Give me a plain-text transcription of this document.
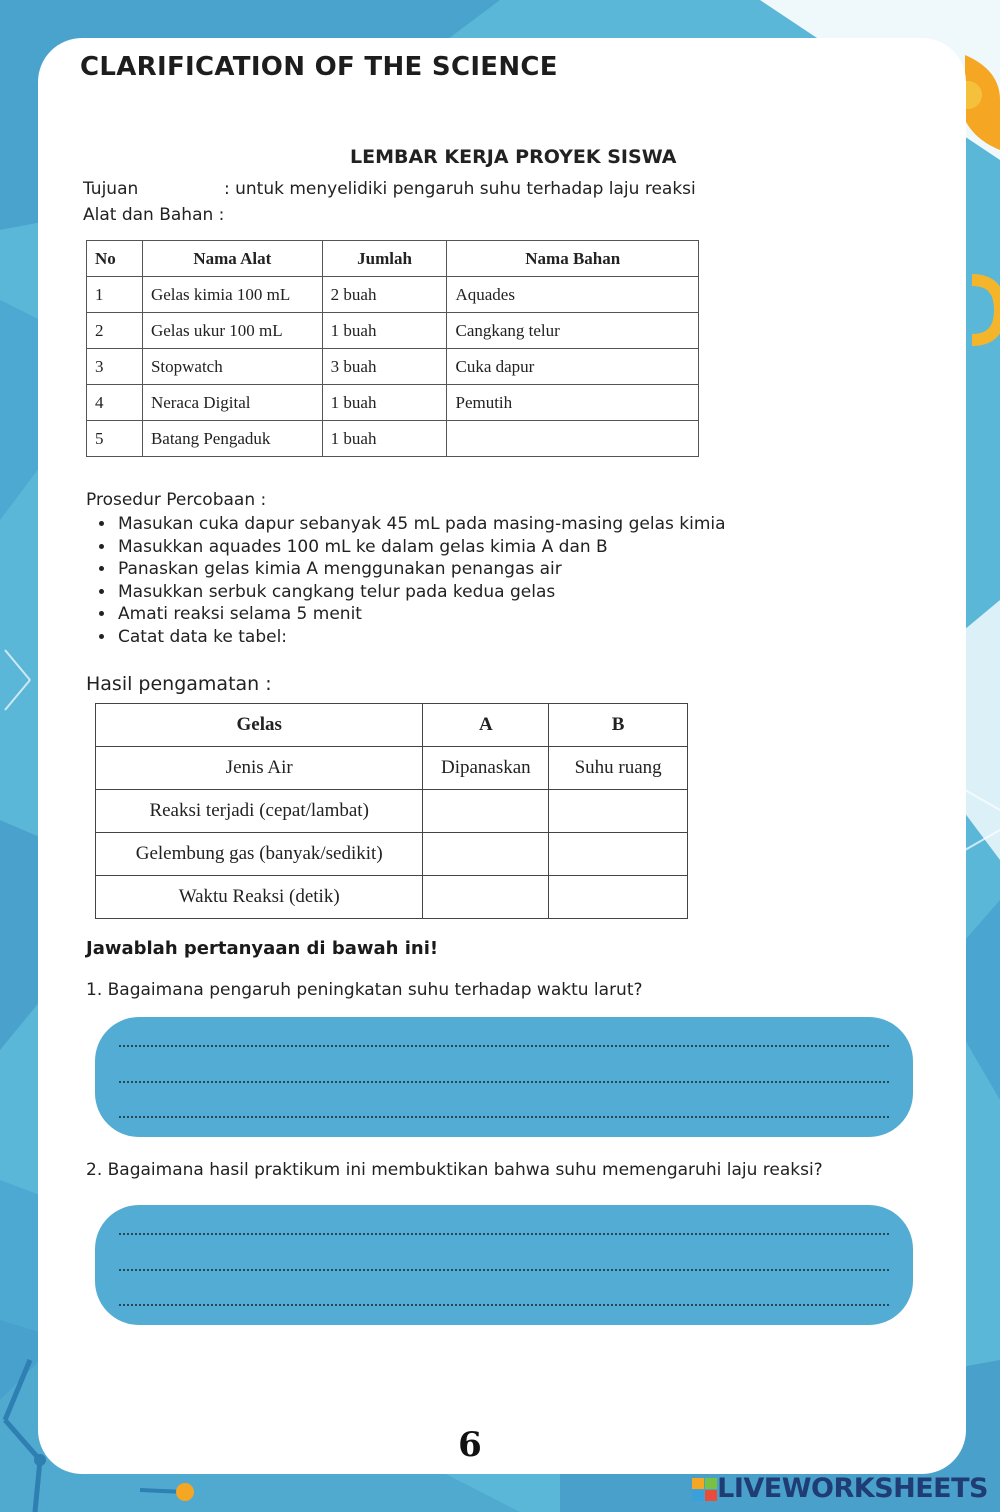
CLARIFICATION OF THE SCIENCE
LEMBAR KERJA PROYEK SISWA
Tujuan	: untuk menyelidiki pengaruh suhu terhadap laju reaksi
Alat dan Bahan :
No	Nama Alat	Jumlah	Nama Bahan
1	Gelas kimia 100 mL	2 buah	Aquades
2	Gelas ukur 100 mL	1 buah	Cangkang telur
3	Stopwatch	3 buah	Cuka dapur
4	Neraca Digital	1 buah	Pemutih
5	Batang Pengaduk	1 buah	
Prosedur Percobaan :
• Masukan cuka dapur sebanyak 45 mL pada masing-masing gelas kimia
• Masukkan aquades 100 mL ke dalam gelas kimia A dan B
• Panaskan gelas kimia A menggunakan penangas air
• Masukkan serbuk cangkang telur pada kedua gelas
• Amati reaksi selama 5 menit
• Catat data ke tabel:
Hasil pengamatan :
Gelas	A	B
Jenis Air	Dipanaskan	Suhu ruang
Reaksi terjadi (cepat/lambat)		
Gelembung gas (banyak/sedikit)		
Waktu Reaksi (detik)		
Jawablah pertanyaan di bawah ini!
1. Bagaimana pengaruh peningkatan suhu terhadap waktu larut?
2. Bagaimana hasil praktikum ini membuktikan bahwa suhu memengaruhi laju reaksi?
6
LIVEWORKSHEETS
